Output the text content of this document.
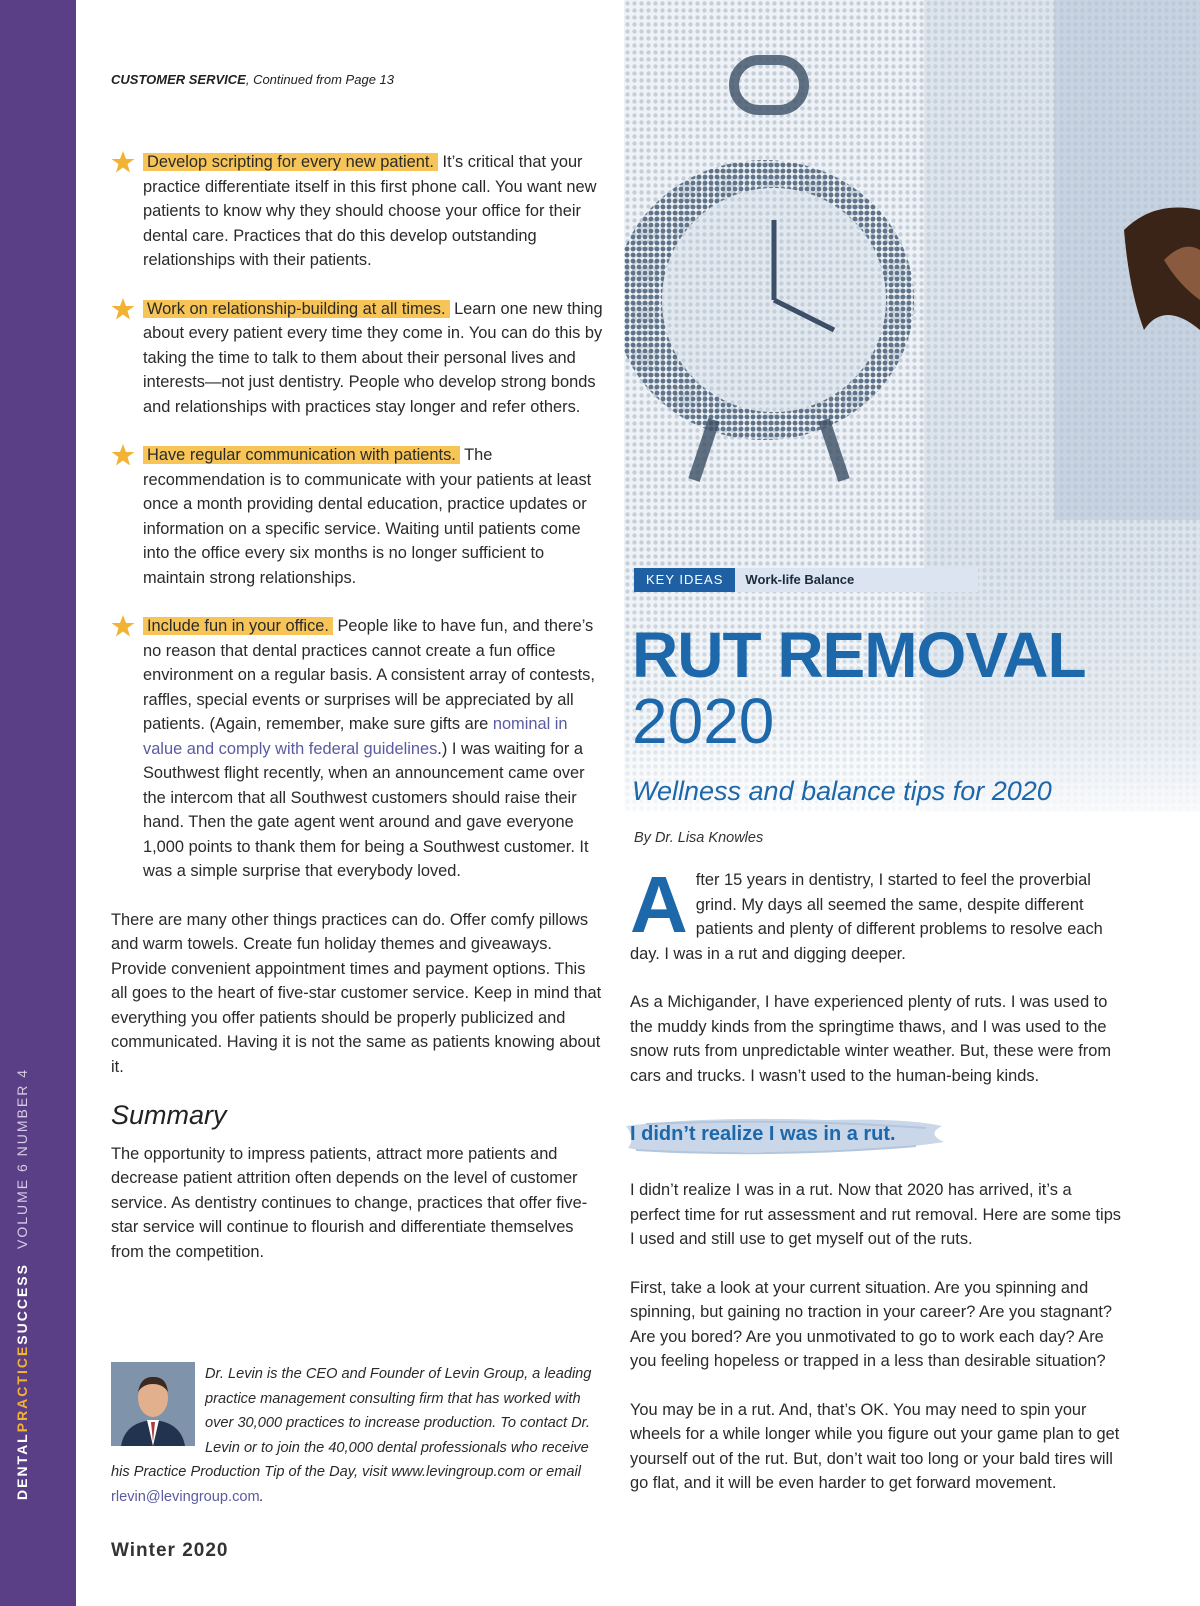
DENTALPRACTICESUCCESSVOLUME 6 NUMBER 4
14	Winter 2020
CUSTOMER SERVICE, Continued from Page 13
Develop scripting for every new patient. It’s critical that your practice differentiate itself in this first phone call. You want new patients to know why they should choose your office for their dental care. Practices that do this develop outstanding relationships with their patients.
Work on relationship-building at all times. Learn one new thing about every patient every time they come in. You can do this by taking the time to talk to them about their personal lives and interests—not just dentistry. People who develop strong bonds and relationships with practices stay longer and refer others.
Have regular communication with patients. The recommendation is to communicate with your patients at least once a month providing dental education, practice updates or information on a specific service. Waiting until patients come into the office every six months is no longer sufficient to maintain strong relationships.
Include fun in your office. People like to have fun, and there’s no reason that dental practices cannot create a fun office environment on a regular basis. A consistent array of contests, raffles, special events or surprises will be appreciated by all patients. (Again, remember, make sure gifts are nominal in value and comply with federal guidelines.) I was waiting for a Southwest flight recently, when an announcement came over the intercom that all Southwest customers should raise their hand. Then the gate agent went around and gave everyone 1,000 points to thank them for being a Southwest customer. It was a simple surprise that everybody loved.
There are many other things practices can do. Offer comfy pillows and warm towels. Create fun holiday themes and giveaways. Provide convenient appointment times and payment options. This all goes to the heart of five-star customer service. Keep in mind that everything you offer patients should be properly publicized and communicated. Having it is not the same as patients knowing about it.
Summary
The opportunity to impress patients, attract more patients and decrease patient attrition often depends on the level of customer service. As dentistry continues to change, practices that offer five-star service will continue to flourish and differentiate themselves from the competition.
Dr. Levin is the CEO and Founder of Levin Group, a leading practice management consulting firm that has worked with over 30,000 practices to increase production. To contact Dr. Levin or to join the 40,000 dental professionals who receive his Practice Production Tip of the Day, visit www.levingroup.com or email rlevin@levingroup.com.
KEY IDEAS Work-life Balance
RUT REMOVAL
2020
Wellness and balance tips for 2020
By Dr. Lisa Knowles
After 15 years in dentistry, I started to feel the proverbial grind. My days all seemed the same, despite different patients and plenty of different problems to resolve each day. I was in a rut and digging deeper.
As a Michigander, I have experienced plenty of ruts. I was used to the muddy kinds from the springtime thaws, and I was used to the snow ruts from unpredictable winter weather. But, these were from cars and trucks. I wasn’t used to the human-being kinds.
I didn’t realize I was in a rut.
I didn’t realize I was in a rut. Now that 2020 has arrived, it’s a perfect time for rut assessment and rut removal. Here are some tips I used and still use to get myself out of the ruts.
First, take a look at your current situation. Are you spinning and spinning, but gaining no traction in your career? Are you stagnant? Are you bored? Are you unmotivated to go to work each day? Are you feeling hopeless or trapped in a less than desirable situation?
You may be in a rut. And, that’s OK. You may need to spin your wheels for a while longer while you figure out your game plan to get yourself out of the rut. But, don’t wait too long or your bald tires will go flat, and it will be even harder to get forward movement.
